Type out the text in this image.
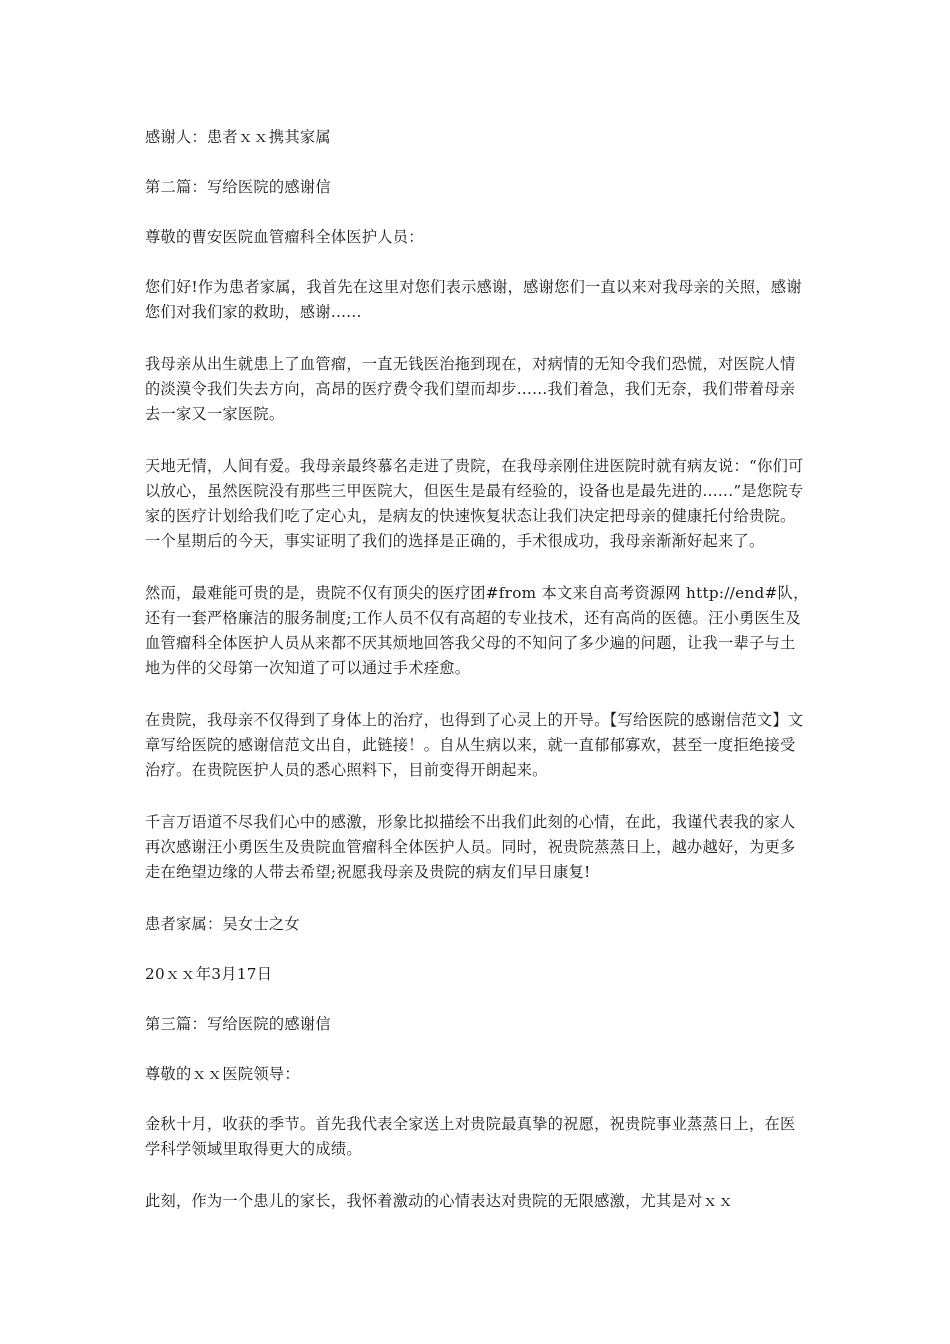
感谢人：患者ｘｘ携其家属

第二篇：写给医院的感谢信

尊敬的曹安医院血管瘤科全体医护人员：

您们好!作为患者家属，我首先在这里对您们表示感谢，感谢您们一直以来对我母亲的关照，感谢您们对我们家的救助，感谢......

我母亲从出生就患上了血管瘤，一直无钱医治拖到现在，对病情的无知令我们恐慌，对医院人情的淡漠令我们失去方向，高昂的医疗费令我们望而却步......我们着急，我们无奈，我们带着母亲去一家又一家医院。

天地无情，人间有爱。我母亲最终慕名走进了贵院，在我母亲刚住进医院时就有病友说：“你们可以放心，虽然医院没有那些三甲医院大，但医生是最有经验的，设备也是最先进的......”是您院专家的医疗计划给我们吃了定心丸，是病友的快速恢复状态让我们决定把母亲的健康托付给贵院。一个星期后的今天，事实证明了我们的选择是正确的，手术很成功，我母亲渐渐好起来了。

然而，最难能可贵的是，贵院不仅有顶尖的医疗团#from 本文来自高考资源网 http://end#队，还有一套严格廉洁的服务制度;工作人员不仅有高超的专业技术，还有高尚的医德。汪小勇医生及血管瘤科全体医护人员从来都不厌其烦地回答我父母的不知问了多少遍的问题，让我一辈子与土地为伴的父母第一次知道了可以通过手术痊愈。

在贵院，我母亲不仅得到了身体上的治疗，也得到了心灵上的开导。【写给医院的感谢信范文】文章写给医院的感谢信范文出自，此链接！。自从生病以来，就一直郁郁寡欢，甚至一度拒绝接受治疗。在贵院医护人员的悉心照料下，目前变得开朗起来。

千言万语道不尽我们心中的感激，形象比拟描绘不出我们此刻的心情，在此，我谨代表我的家人再次感谢汪小勇医生及贵院血管瘤科全体医护人员。同时，祝贵院蒸蒸日上，越办越好，为更多走在绝望边缘的人带去希望;祝愿我母亲及贵院的病友们早日康复!

患者家属：吴女士之女

20ｘｘ年3月17日

第三篇：写给医院的感谢信

尊敬的ｘｘ医院领导：

金秋十月，收获的季节。首先我代表全家送上对贵院最真挚的祝愿，祝贵院事业蒸蒸日上，在医学科学领域里取得更大的成绩。

此刻，作为一个患儿的家长，我怀着激动的心情表达对贵院的无限感激，尤其是对ｘｘ
